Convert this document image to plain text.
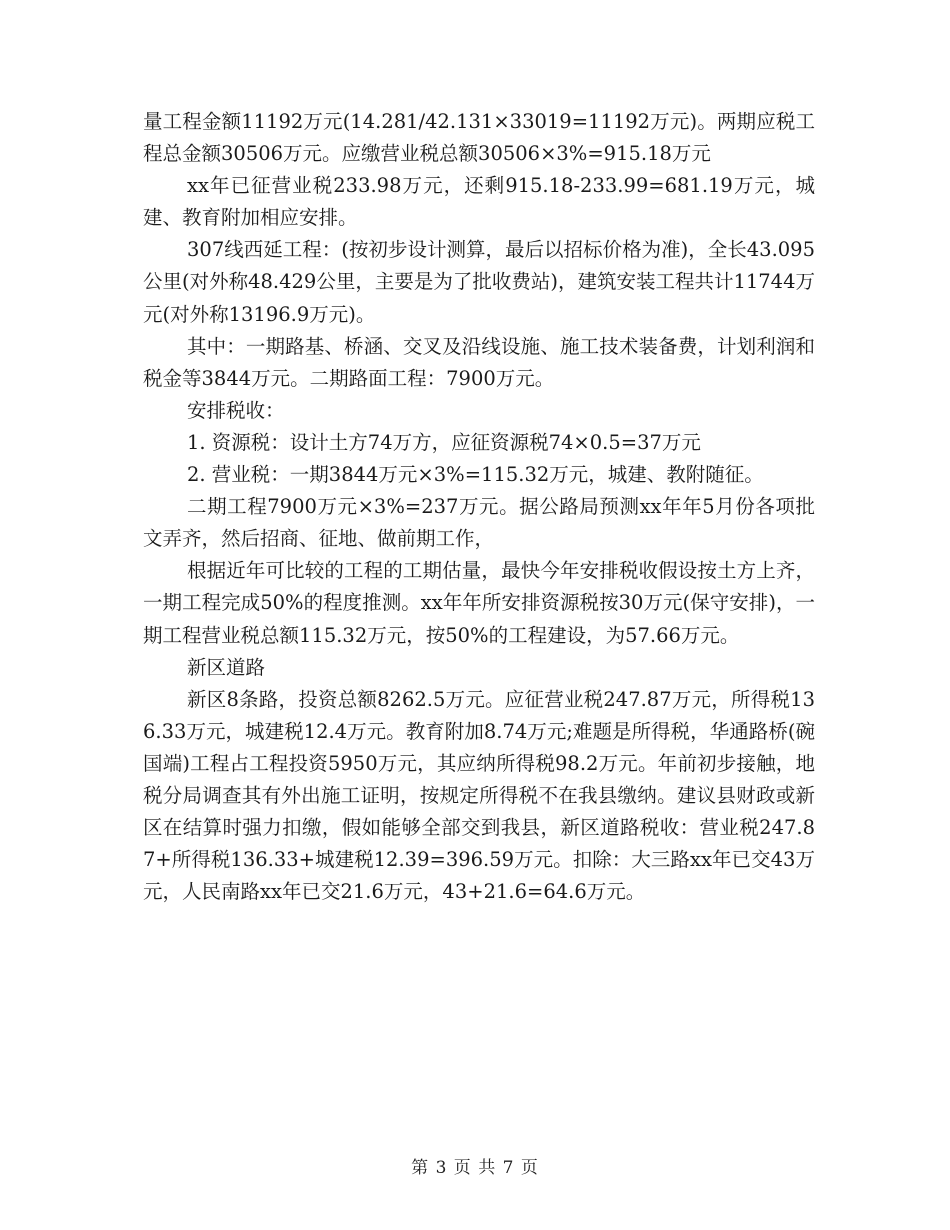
量工程金额11192万元(14.281/42.131×33019=11192万元)。两期应税工程总金额30506万元。应缴营业税总额30506×3%=915.18万元

xx年已征营业税233.98万元，还剩915.18-233.99=681.19万元，城建、教育附加相应安排。

307线西延工程：(按初步设计测算，最后以招标价格为准)，全长43.095公里(对外称48.429公里，主要是为了批收费站)，建筑安装工程共计11744万元(对外称13196.9万元)。

其中：一期路基、桥涵、交叉及沿线设施、施工技术装备费，计划利润和税金等3844万元。二期路面工程：7900万元。

安排税收：

1. 资源税：设计土方74万方，应征资源税74×0.5=37万元

2. 营业税：一期3844万元×3%=115.32万元，城建、教附随征。

二期工程7900万元×3%=237万元。据公路局预测xx年年5月份各项批文弄齐，然后招商、征地、做前期工作，

根据近年可比较的工程的工期估量，最快今年安排税收假设按土方上齐，一期工程完成50%的程度推测。xx年年所安排资源税按30万元(保守安排)，一期工程营业税总额115.32万元，按50%的工程建设，为57.66万元。

新区道路

新区8条路，投资总额8262.5万元。应征营业税247.87万元，所得税136.33万元，城建税12.4万元。教育附加8.74万元;难题是所得税，华通路桥(碗国端)工程占工程投资5950万元，其应纳所得税98.2万元。年前初步接触，地税分局调查其有外出施工证明，按规定所得税不在我县缴纳。建议县财政或新区在结算时强力扣缴，假如能够全部交到我县，新区道路税收：营业税247.87+所得税136.33+城建税12.39=396.59万元。扣除：大三路xx年已交43万元，人民南路xx年已交21.6万元，43+21.6=64.6万元。

第 3 页 共 7 页
